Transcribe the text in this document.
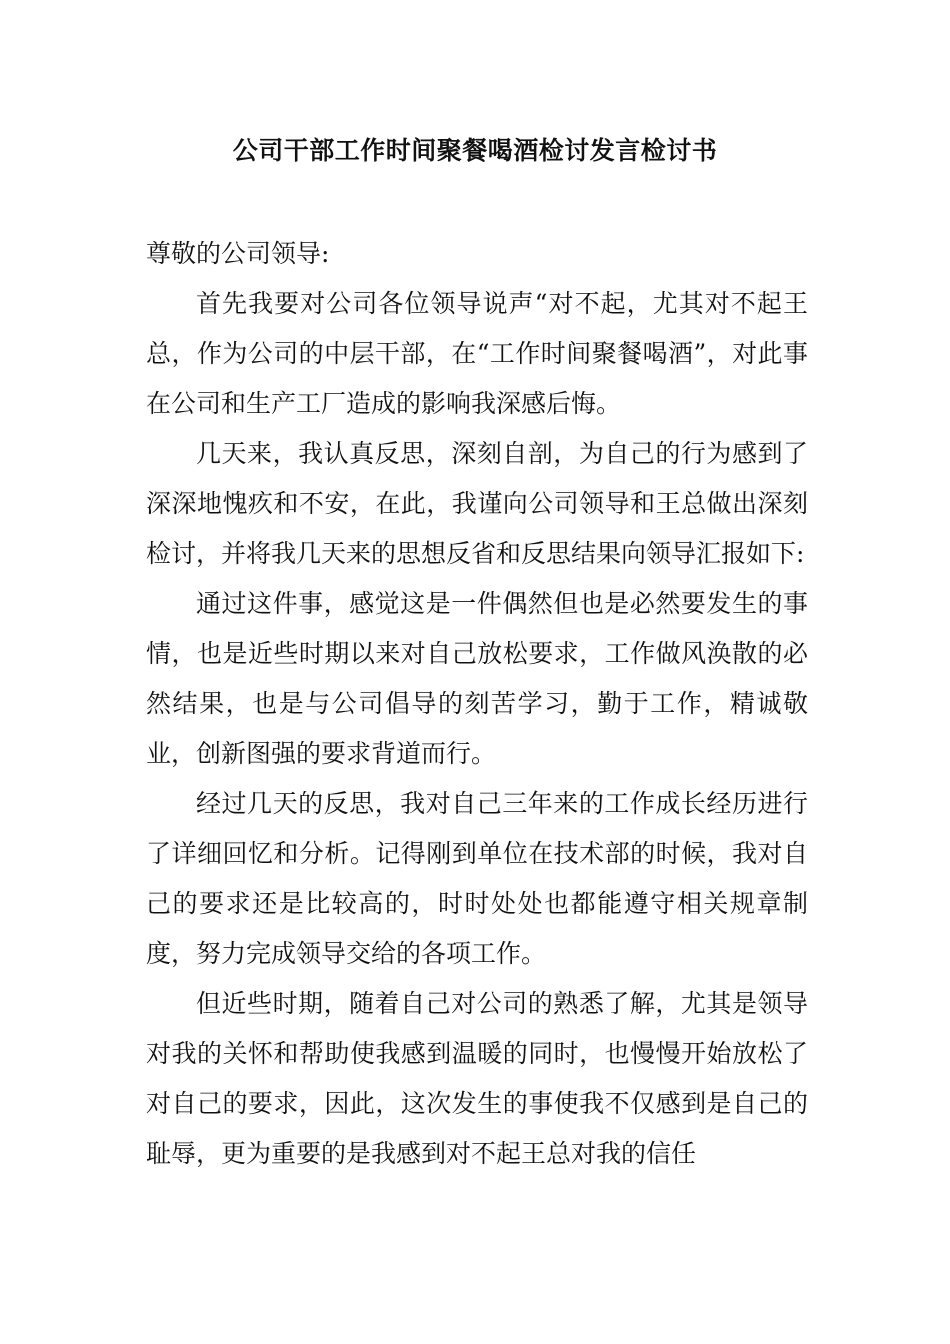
公司干部工作时间聚餐喝酒检讨发言检讨书

尊敬的公司领导:

首先我要对公司各位领导说声“对不起，尤其对不起王总，作为公司的中层干部，在“工作时间聚餐喝酒”，对此事在公司和生产工厂造成的影响我深感后悔。

几天来，我认真反思，深刻自剖，为自己的行为感到了深深地愧疚和不安，在此，我谨向公司领导和王总做出深刻检讨，并将我几天来的思想反省和反思结果向领导汇报如下:

通过这件事，感觉这是一件偶然但也是必然要发生的事情，也是近些时期以来对自己放松要求，工作做风涣散的必然结果，也是与公司倡导的刻苦学习，勤于工作，精诚敬业，创新图强的要求背道而行。

经过几天的反思，我对自己三年来的工作成长经历进行了详细回忆和分析。记得刚到单位在技术部的时候，我对自己的要求还是比较高的，时时处处也都能遵守相关规章制度，努力完成领导交给的各项工作。

但近些时期，随着自己对公司的熟悉了解，尤其是领导对我的关怀和帮助使我感到温暖的同时，也慢慢开始放松了对自己的要求，因此，这次发生的事使我不仅感到是自己的耻辱，更为重要的是我感到对不起王总对我的信任
